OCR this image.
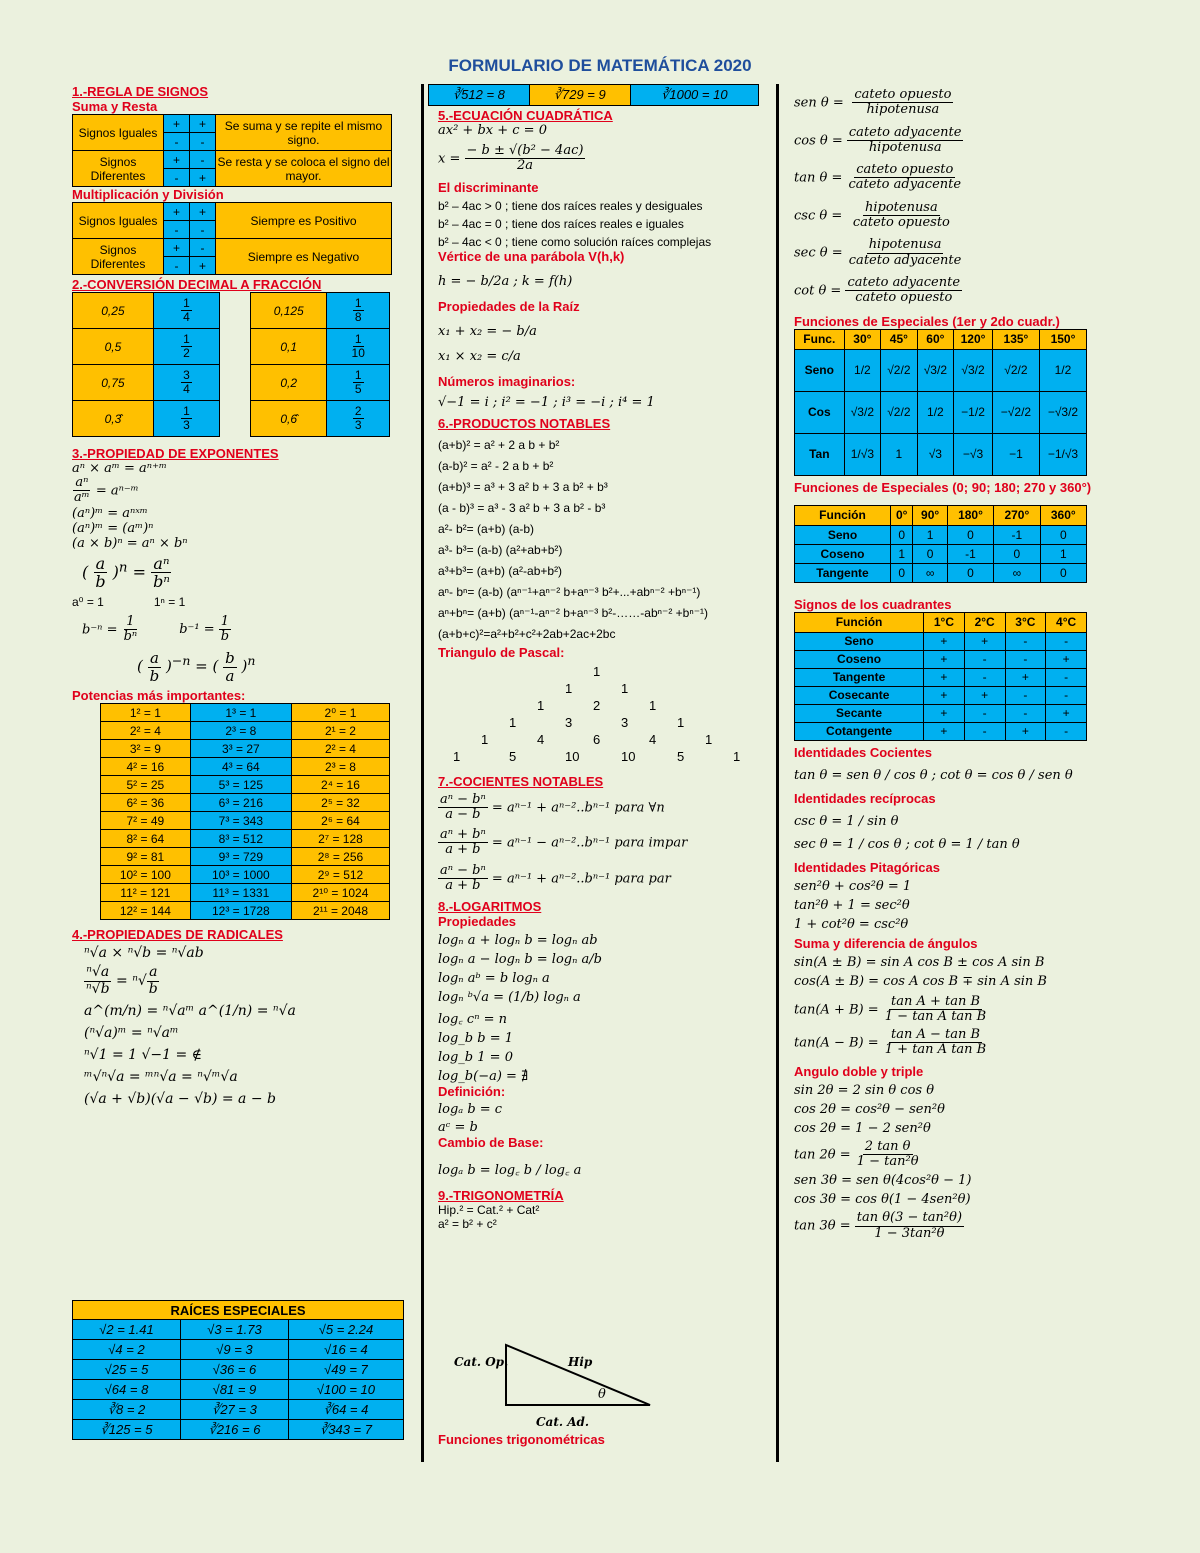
FORMULARIO DE MATEMÁTICA 2020
1.-REGLA DE SIGNOS
Suma y Resta
Signos Iguales	+	+	Se suma y se repite el mismo signo.
	-	-	
Signos Diferentes	+	-	Se resta y se coloca el signo del mayor.
	-	+	
Multiplicación y División
Signos Iguales	+	+	Siempre es Positivo
	-	-	
Signos Diferentes	+	-	Siempre es Negativo
	-	+	
2.-CONVERSIÓN DECIMAL A FRACCIÓN
0,25	$\frac{1}{4}$

0,5	$\frac{1}{2}$

0,75	$\frac{3}{4}$

0,3̂	$\frac{1}{3}$
0,125	$\frac{1}{8}$

0,1	$\frac{1}{10}$

0,2	$\frac{1}{5}$

0,6̂	$\frac{2}{3}$
3.-PROPIEDAD DE EXPONENTES
aⁿ × aᵐ = aⁿ⁺ᵐ
$\frac{\text{aⁿ}}{\text{aᵐ}}$ = aⁿ⁻ᵐ
(aⁿ)ᵐ = aⁿˣᵐ
(aⁿ)ᵐ = (aᵐ)ⁿ
(a × b)ⁿ = aⁿ × bⁿ
( $\frac{a}{b} )^n = \frac{\text{aⁿ}}{\text{bⁿ}}$
a⁰ = 1	1ⁿ = 1
$b^{-n} = \frac{1}{\text{bⁿ}}$	$b^{-1} = \frac{1}{b}$
( $\frac{a}{b} )^{-n}$ = ( $\frac{b}{a} )^n$
Potencias más importantes:
1² = 1	1³ = 1	2⁰ = 1
2² = 4	2³ = 8	2¹ = 2
3² = 9	3³ = 27	2² = 4
4² = 16	4³ = 64	2³ = 8
5² = 25	5³ = 125	2⁴ = 16
6² = 36	6³ = 216	2⁵ = 32
7² = 49	7³ = 343	2⁶ = 64
8² = 64	8³ = 512	2⁷ = 128
9² = 81	9³ = 729	2⁸ = 256
10² = 100	10³ = 1000	2⁹ = 512
11² = 121	11³ = 1331	2¹⁰ = 1024
12² = 144	12³ = 1728	2¹¹ = 2048
4.-PROPIEDADES DE RADICALES
ⁿ√a × ⁿ√b = ⁿ√ab
$\frac{\text{ⁿ√a}}{\text{ⁿ√b}} = ^n√ \frac{a}{b}$
a^(m/n) = ⁿ√aᵐ a^(1/n) = ⁿ√a
(ⁿ√a)ᵐ = ⁿ√aᵐ
ⁿ√1 = 1 √−1 = ∉
ᵐ√ⁿ√a = ᵐⁿ√a = ⁿ√ᵐ√a
(√a + √b)(√a − √b) = a − b
RAÍCES ESPECIALES		
√2 = 1.41	√3 = 1.73	√5 = 2.24
√4 = 2	√9 = 3	√16 = 4
√25 = 5	√36 = 6	√49 = 7
√64 = 8	√81 = 9	√100 = 10
∛8 = 2	∛27 = 3	∛64 = 4
∛125 = 5	∛216 = 6	∛343 = 7
∛512 = 8	∛729 = 9	∛1000 = 10
5.-ECUACIÓN CUADRÁTICA
ax² + bx + c = 0
$x = \frac{\text{− b ± √(b² − 4ac)}}{2a}$
El discriminante
b² – 4ac > 0 ; tiene dos raíces reales y desiguales
b² – 4ac = 0 ; tiene dos raíces reales e iguales
b² – 4ac < 0 ; tiene como solución raíces complejas
Vértice de una parábola V(h,k)
h = − b/2a ; k = f(h)
Propiedades de la Raíz
x₁ + x₂ = − b/a
x₁ × x₂ = c/a
Números imaginarios:
√−1 = i ; i² = −1 ; i³ = −i ; i⁴ = 1
6.-PRODUCTOS NOTABLES
(a+b)² = a² + 2 a b + b²
(a-b)² = a² - 2 a b + b²
(a+b)³ = a³ + 3 a² b + 3 a b² + b³
(a - b)³ = a³ - 3 a² b + 3 a b² - b³
a²- b²= (a+b) (a-b)
a³- b³= (a-b) (a²+ab+b²)
a³+b³= (a+b) (a²-ab+b²)
aⁿ- bⁿ= (a-b) (aⁿ⁻¹+aⁿ⁻² b+aⁿ⁻³ b²+...+abⁿ⁻² +bⁿ⁻¹)
aⁿ+bⁿ= (a+b) (aⁿ⁻¹-aⁿ⁻² b+aⁿ⁻³ b²-……-abⁿ⁻² +bⁿ⁻¹)
(a+b+c)²=a²+b²+c²+2ab+2ac+2bc
Triangulo de Pascal:
1
1	1
1	2	1
1	3	3	1
1	4	6	4	1
1	5	10	10	5	1
7.-COCIENTES NOTABLES
$\frac{\text{aⁿ − bⁿ}}{a - b} = a^{n-1} + a^{n-2}..b^{n-1}$ para ∀n
$\frac{\text{aⁿ + bⁿ}}{a + b} = a^{n-1} - a^{n-2}..b^{n-1}$ para impar
$\frac{\text{aⁿ − bⁿ}}{a + b} = a^{n-1} + a^{n-2}..b^{n-1}$ para par
8.-LOGARITMOS
Propiedades
logₙ a + logₙ b = logₙ ab
logₙ a − logₙ b = logₙ a/b
logₙ aᵇ = b logₙ a
logₙ ᵇ√a = (1/b) logₙ a
log꜀ cⁿ = n
log_b b = 1
log_b 1 = 0
log_b(−a) = ∄
Definición:
logₐ b = c
aᶜ = b
Cambio de Base:
logₐ b = log꜀ b / log꜀ a
9.-TRIGONOMETRÍA
Hip.² = Cat.² + Cat²
a² = b² + c²
Cat. Op.	Hip
Cat. Ad.
θ
Funciones trigonométricas
sen $\theta = \frac{\text{cateto opuesto}}{\text{hipotenusa}}$
$\cos \theta = \frac{\text{cateto adyacente}}{\text{hipotenusa}}$
$\tan \theta = \frac{\text{cateto opuesto}}{\text{cateto adyacente}}$
$\csc \theta = \frac{\text{hipotenusa}}{\text{cateto opuesto}}$
$\sec \theta = \frac{\text{hipotenusa}}{\text{cateto adyacente}}$
$\cot \theta = \frac{\text{cateto adyacente}}{\text{cateto opuesto}}$
Funciones de Especiales (1er y 2do cuadr.)
Func.	30°	45°	60°	120°	135°	150°
Seno	1/2	√2/2	√3/2	√3/2	√2/2	1/2
Cos	√3/2	√2/2	1/2	−1/2	−√2/2	−√3/2
Tan	1/√3	1	√3	−√3	−1	−1/√3
Funciones de Especiales (0; 90; 180; 270 y 360°)
Función	0°	90°	180°	270°	360°
Seno	0	1	0	-1	0
Coseno	1	0	-1	0	1
Tangente	0	∞	0	∞	0
Signos de los cuadrantes
Función	1°C	2°C	3°C	4°C
Seno	+	+	-	-
Coseno	+	-	-	+
Tangente	+	-	+	-
Cosecante	+	+	-	-
Secante	+	-	-	+
Cotangente	+	-	+	-
Identidades Cocientes
tan θ = sen θ / cos θ ; cot θ = cos θ / sen θ
Identidades recíprocas
csc θ = 1 / sin θ
sec θ = 1 / cos θ ; cot θ = 1 / tan θ
Identidades Pitagóricas
sen²θ + cos²θ = 1
tan²θ + 1 = sec²θ
1 + cot²θ = csc²θ
Suma y diferencia de ángulos
sin(A ± B) = sin A cos B ± cos A sin B
cos(A ± B) = cos A cos B ∓ sin A sin B
$\tan(A + B) = \frac{\text{tan A + tan B}}{\text{1 − tan A tan B}}$
$\tan(A - B) = \frac{\text{tan A − tan B}}{\text{1 + tan A tan B}}$
Angulo doble y triple
sin 2θ = 2 sin θ cos θ
cos 2θ = cos²θ − sen²θ
cos 2θ = 1 − 2 sen²θ
$\tan 2\theta = \frac{\text{2 tan θ}}{\text{1 − tan²θ}}$
sen 3θ = sen θ(4cos²θ − 1)
cos 3θ = cos θ(1 − 4sen²θ)
$\tan 3\theta = \frac{\text{tan θ(3 − tan²θ)}}{\text{1 − 3tan²θ}}$
